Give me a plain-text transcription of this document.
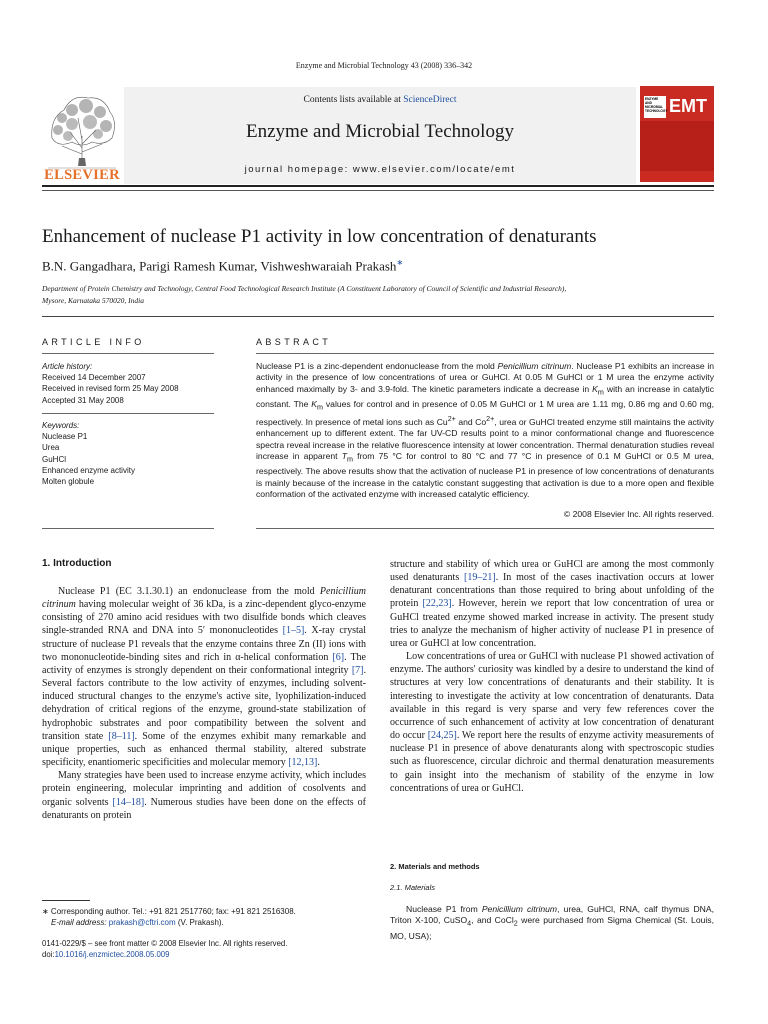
Enzyme and Microbial Technology 43 (2008) 336–342
Contents lists available at ScienceDirect
Enzyme and Microbial Technology
journal homepage: www.elsevier.com/locate/emt
ELSEVIER
ENZYME AND MICROBIAL TECHNOLOGY EMT
Enhancement of nuclease P1 activity in low concentration of denaturants
B.N. Gangadhara, Parigi Ramesh Kumar, Vishweshwaraiah Prakash∗
Department of Protein Chemistry and Technology, Central Food Technological Research Institute (A Constituent Laboratory of Council of Scientific and Industrial Research),
Mysore, Karnataka 570020, India
ARTICLE INFO	ABSTRACT
Article history:
Received 14 December 2007
Received in revised form 25 May 2008
Accepted 31 May 2008
Keywords:
Nuclease P1
Urea
GuHCl
Enhanced enzyme activity
Molten globule
Nuclease P1 is a zinc-dependent endonuclease from the mold Penicillium citrinum. Nuclease P1 exhibits an increase in activity in the presence of low concentrations of urea or GuHCl. At 0.05 M GuHCl or 1 M urea the enzyme activity enhanced maximally by 3- and 3.9-fold. The kinetic parameters indicate a decrease in $K_m$ with an increase in catalytic constant. The $K_m$ values for control and in presence of 0.05 M GuHCl or 1 M urea are 1.11 mg, 0.86 mg and 0.60 mg, respectively. In presence of metal ions such as $Cu^{2+}$ and $Co^{2+}$, urea or GuHCl treated enzyme still maintains the activity enhancement up to different extent. The far UV-CD results point to a minor conformational change and fluorescence spectra reveal increase in the relative fluorescence intensity at lower concentration. Thermal denaturation studies reveal increase in apparent $T_m$ from 75 °C for control to 80 °C and 77 °C in presence of 0.1 M GuHCl or 0.5 M urea, respectively. The above results show that the activation of nuclease P1 in presence of low concentrations of denaturants is mainly because of the increase in the catalytic constant suggesting that activation is due to a more open and flexible conformation of the activated enzyme with increased catalytic efficiency.
© 2008 Elsevier Inc. All rights reserved.
1. Introduction

Nuclease P1 (EC 3.1.30.1) an endonuclease from the mold Penicillium citrinum having molecular weight of 36 kDa, is a zinc-dependent glyco-enzyme consisting of 270 amino acid residues with two disulfide bonds which cleaves single-stranded RNA and DNA into 5′ mononucleotides [1–5]. X-ray crystal structure of nuclease P1 reveals that the enzyme contains three Zn (II) ions with two mononucleotide-binding sites and rich in α-helical conformation [6]. The activity of enzymes is strongly dependent on their conformational integrity [7]. Several factors contribute to the low activity of enzymes, including solvent-induced structural changes to the enzyme's active site, lyophilization-induced dehydration of critical regions of the enzyme, ground-state stabilization of hydrophobic substrates and poor compatibility between the solvent and transition state [8–11]. Some of the enzymes exhibit many remarkable and unique properties, such as enhanced thermal stability, altered substrate specificity, enantiomeric specificities and molecular memory [12,13].

Many strategies have been used to increase enzyme activity, which includes protein engineering, molecular imprinting and addition of cosolvents and organic solvents [14–18]. Numerous studies have been done on the effects of denaturants on protein

structure and stability of which urea or GuHCl are among the most commonly used denaturants [19–21]. In most of the cases inactivation occurs at lower denaturant concentrations than those required to bring about unfolding of the protein [22,23]. However, herein we report that low concentration of urea or GuHCl treated enzyme showed marked increase in activity. The present study tries to analyze the mechanism of higher activity of nuclease P1 in presence of urea or GuHCl at low concentration.

Low concentrations of urea or GuHCl with nuclease P1 showed activation of enzyme. The authors' curiosity was kindled by a desire to understand the kind of structures at very low concentrations of denaturants and their stability. It is interesting to investigate the activity at low concentration of denaturants. Data available in this regard is very sparse and very few references cover the occurrence of such enhancement of activity at low concentration of denaturant do occur [24,25]. We report here the results of enzyme activity measurements of nuclease P1 in presence of above denaturants along with spectroscopic studies such as fluorescence, circular dichroic and thermal denaturation measurements to gain insight into the mechanism of stability of the enzyme in low concentrations of urea or GuHCl.

2. Materials and methods
2.1. Materials
Nuclease P1 from Penicillium citrinum, urea, GuHCl, RNA, calf thymus DNA, Triton X-100, CuSO$_4$, and CoCl$_2$ were purchased from Sigma Chemical (St. Louis, MO, USA);
∗ Corresponding author. Tel.: +91 821 2517760; fax: +91 821 2516308.
E-mail address: prakash@cftri.com (V. Prakash).
0141-0229/$ – see front matter © 2008 Elsevier Inc. All rights reserved.
doi:10.1016/j.enzmictec.2008.05.009
